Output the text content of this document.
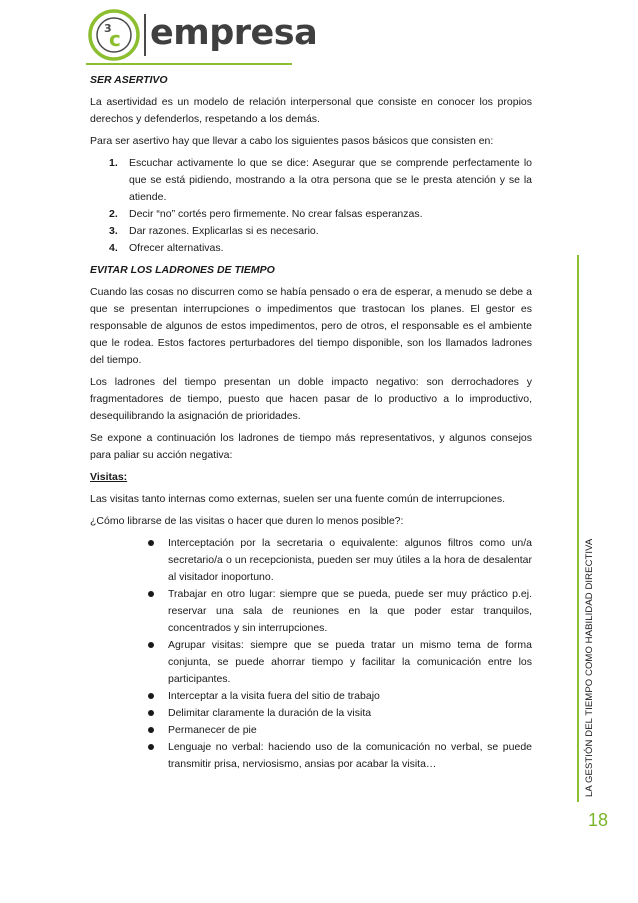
3
c empresa
SER ASERTIVO

La asertividad es un modelo de relación interpersonal que consiste en conocer los propios derechos y defenderlos, respetando a los demás.

Para ser asertivo hay que llevar a cabo los siguientes pasos básicos que consisten en:

1. Escuchar activamente lo que se dice: Asegurar que se comprende perfectamente lo que se está pidiendo, mostrando a la otra persona que se le presta atención y se la atiende.
2. Decir “no” cortés pero firmemente. No crear falsas esperanzas.
3. Dar razones. Explicarlas si es necesario.
4. Ofrecer alternativas.
EVITAR LOS LADRONES DE TIEMPO

Cuando las cosas no discurren como se había pensado o era de esperar, a menudo se debe a que se presentan interrupciones o impedimentos que trastocan los planes. El gestor es responsable de algunos de estos impedimentos, pero de otros, el responsable es el ambiente que le rodea. Estos factores perturbadores del tiempo disponible, son los llamados ladrones del tiempo.

Los ladrones del tiempo presentan un doble impacto negativo: son derrochadores y fragmentadores de tiempo, puesto que hacen pasar de lo productivo a lo improductivo, desequilibrando la asignación de prioridades.

Se expone a continuación los ladrones de tiempo más representativos, y algunos consejos para paliar su acción negativa:

Visitas:

Las visitas tanto internas como externas, suelen ser una fuente común de interrupciones.

¿Cómo librarse de las visitas o hacer que duren lo menos posible?:

Interceptación por la secretaria o equivalente: algunos filtros como un/a secretario/a o un recepcionista, pueden ser muy útiles a la hora de desalentar al visitador inoportuno.
Trabajar en otro lugar: siempre que se pueda, puede ser muy práctico p.ej. reservar una sala de reuniones en la que poder estar tranquilos, concentrados y sin interrupciones.
Agrupar visitas: siempre que se pueda tratar un mismo tema de forma conjunta, se puede ahorrar tiempo y facilitar la comunicación entre los participantes.
Interceptar a la visita fuera del sitio de trabajo
Delimitar claramente la duración de la visita
Permanecer de pie
Lenguaje no verbal: haciendo uso de la comunicación no verbal, se puede transmitir prisa, nerviosismo, ansias por acabar la visita…	LA GESTIÓN DEL TIEMPO COMO HABILIDAD DIRECTIVA
18
